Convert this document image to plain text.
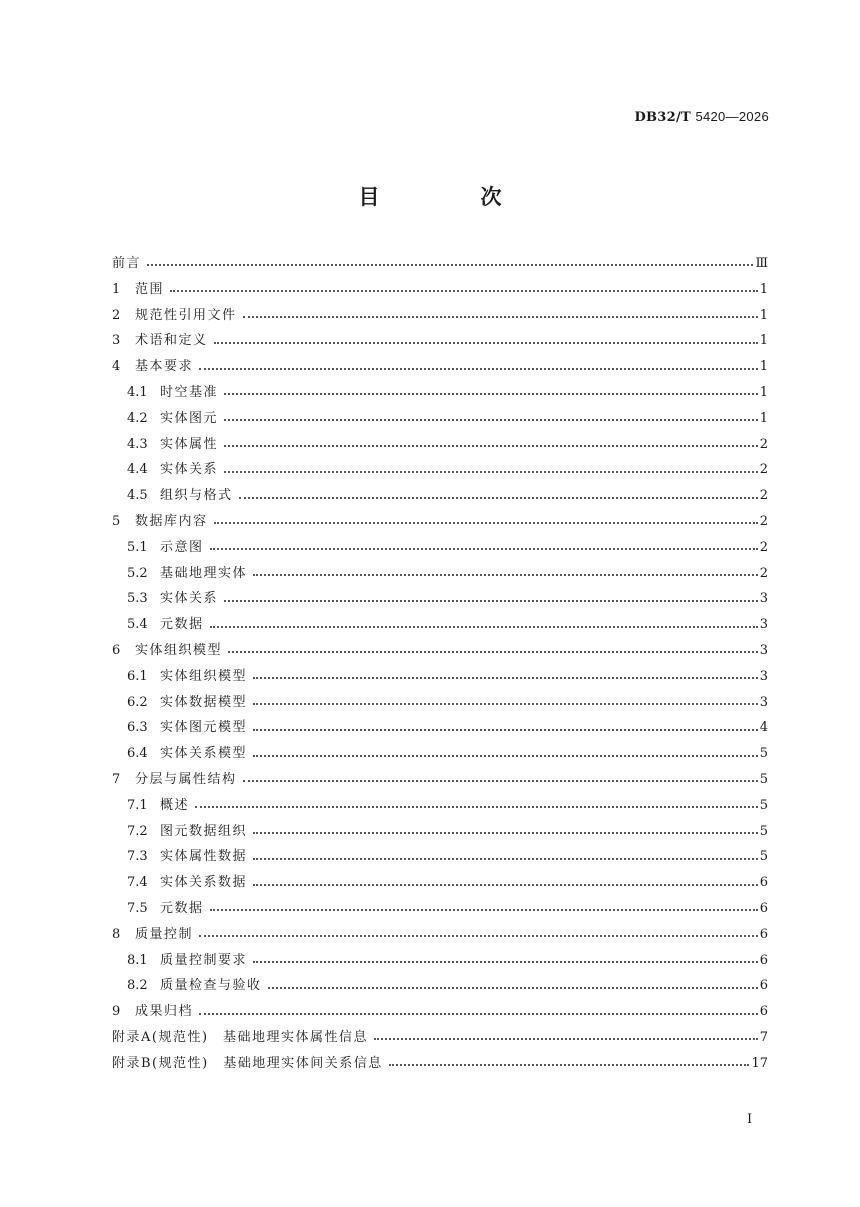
DB32/T 5420—2026
目　次
前言	Ⅲ
1	范围	1
2	规范性引用文件	1
3	术语和定义	1
4	基本要求	1
4.1 时空基准	1
4.2 实体图元	1
4.3 实体属性	2
4.4 实体关系	2
4.5 组织与格式	2
5	数据库内容	2
5.1 示意图	2
5.2 基础地理实体	2
5.3 实体关系	3
5.4 元数据	3
6	实体组织模型	3
6.1 实体组织模型	3
6.2 实体数据模型	3
6.3 实体图元模型	4
6.4 实体关系模型	5
7	分层与属性结构	5
7.1 概述	5
7.2 图元数据组织	5
7.3 实体属性数据	5
7.4 实体关系数据	6
7.5 元数据	6
8	质量控制	6
8.1 质量控制要求	6
8.2 质量检查与验收	6
9	成果归档	6
附录A(规范性)　基础地理实体属性信息	7
附录B(规范性)　基础地理实体间关系信息	17
I
